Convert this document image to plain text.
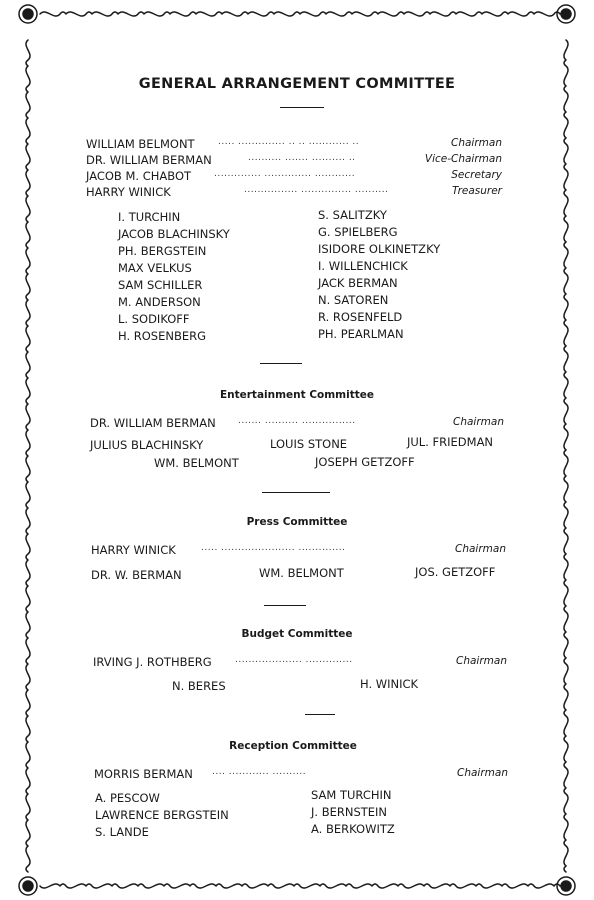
GENERAL ARRANGEMENT COMMITTEE
WILLIAM BELMONT	..... .............. .. .. ............ ..	Chairman
DR. WILLIAM BERMAN	.......... ....... .......... ..	Vice-Chairman
JACOB M. CHABOT	.............. .............. ............	Secretary
HARRY WINICK	................ ............... ..........	Treasurer
I. TURCHIN
JACOB BLACHINSKY
PH. BERGSTEIN
MAX VELKUS
SAM SCHILLER
M. ANDERSON
L. SODIKOFF
H. ROSENBERG
S. SALITZKY
G. SPIELBERG
ISIDORE OLKINETZKY
I. WILLENCHICK
JACK BERMAN
N. SATOREN
R. ROSENFELD
PH. PEARLMAN
Entertainment Committee
DR. WILLIAM BERMAN ....... .......... ................	Chairman
JULIUS BLACHINSKY	LOUIS STONE	JUL. FRIEDMAN
WM. BELMONT	JOSEPH GETZOFF
Press Committee
HARRY WINICK	..... ...................... ..............	Chairman
DR. W. BERMAN	WM. BELMONT	JOS. GETZOFF
Budget Committee
IRVING J. ROTHBERG	.................... ..............	Chairman
N. BERES	H. WINICK
Reception Committee
MORRIS BERMAN .... ............ ..........	Chairman
A. PESCOW
LAWRENCE BERGSTEIN
S. LANDE
SAM TURCHIN
J. BERNSTEIN
A. BERKOWITZ
